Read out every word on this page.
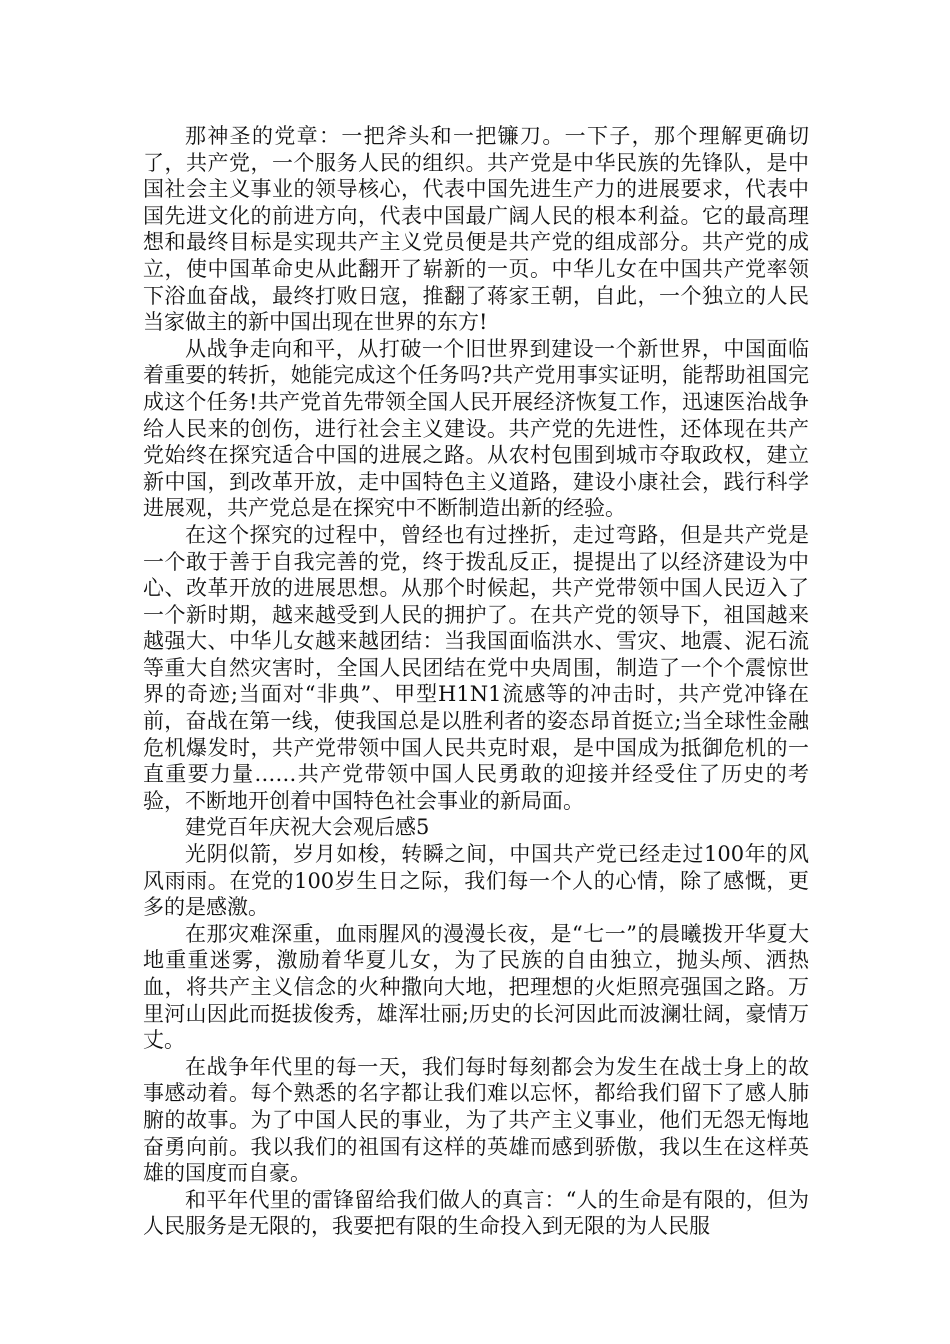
那神圣的党章：一把斧头和一把镰刀。一下子，那个理解更确切了，共产党，一个服务人民的组织。共产党是中华民族的先锋队，是中国社会主义事业的领导核心，代表中国先进生产力的进展要求，代表中国先进文化的前进方向，代表中国最广阔人民的根本利益。它的最高理想和最终目标是实现共产主义党员便是共产党的组成部分。共产党的成立，使中国革命史从此翻开了崭新的一页。中华儿女在中国共产党率领下浴血奋战，最终打败日寇，推翻了蒋家王朝，自此，一个独立的人民当家做主的新中国出现在世界的东方!

从战争走向和平，从打破一个旧世界到建设一个新世界，中国面临着重要的转折，她能完成这个任务吗?共产党用事实证明，能帮助祖国完成这个任务!共产党首先带领全国人民开展经济恢复工作，迅速医治战争给人民来的创伤，进行社会主义建设。共产党的先进性，还体现在共产党始终在探究适合中国的进展之路。从农村包围到城市夺取政权，建立新中国，到改革开放，走中国特色主义道路，建设小康社会，践行科学进展观，共产党总是在探究中不断制造出新的经验。

在这个探究的过程中，曾经也有过挫折，走过弯路，但是共产党是一个敢于善于自我完善的党，终于拨乱反正，提提出了以经济建设为中心、改革开放的进展思想。从那个时候起，共产党带领中国人民迈入了一个新时期，越来越受到人民的拥护了。在共产党的领导下，祖国越来越强大、中华儿女越来越团结：当我国面临洪水、雪灾、地震、泥石流等重大自然灾害时，全国人民团结在党中央周围，制造了一个个震惊世界的奇迹;当面对“非典”、甲型H1N1流感等的冲击时，共产党冲锋在前，奋战在第一线，使我国总是以胜利者的姿态昂首挺立;当全球性金融危机爆发时，共产党带领中国人民共克时艰，是中国成为抵御危机的一直重要力量……共产党带领中国人民勇敢的迎接并经受住了历史的考验，不断地开创着中国特色社会事业的新局面。

建党百年庆祝大会观后感5

光阴似箭，岁月如梭，转瞬之间，中国共产党已经走过100年的风风雨雨。在党的100岁生日之际，我们每一个人的心情，除了感慨，更多的是感激。

在那灾难深重，血雨腥风的漫漫长夜，是“七一”的晨曦拨开华夏大地重重迷雾，激励着华夏儿女，为了民族的自由独立，抛头颅、洒热血，将共产主义信念的火种撒向大地，把理想的火炬照亮强国之路。万里河山因此而挺拔俊秀，雄浑壮丽;历史的长河因此而波澜壮阔，豪情万丈。

在战争年代里的每一天，我们每时每刻都会为发生在战士身上的故事感动着。每个熟悉的名字都让我们难以忘怀，都给我们留下了感人肺腑的故事。为了中国人民的事业，为了共产主义事业，他们无怨无悔地奋勇向前。我以我们的祖国有这样的英雄而感到骄傲，我以生在这样英雄的国度而自豪。

和平年代里的雷锋留给我们做人的真言：“人的生命是有限的，但为人民服务是无限的，我要把有限的生命投入到无限的为人民服
